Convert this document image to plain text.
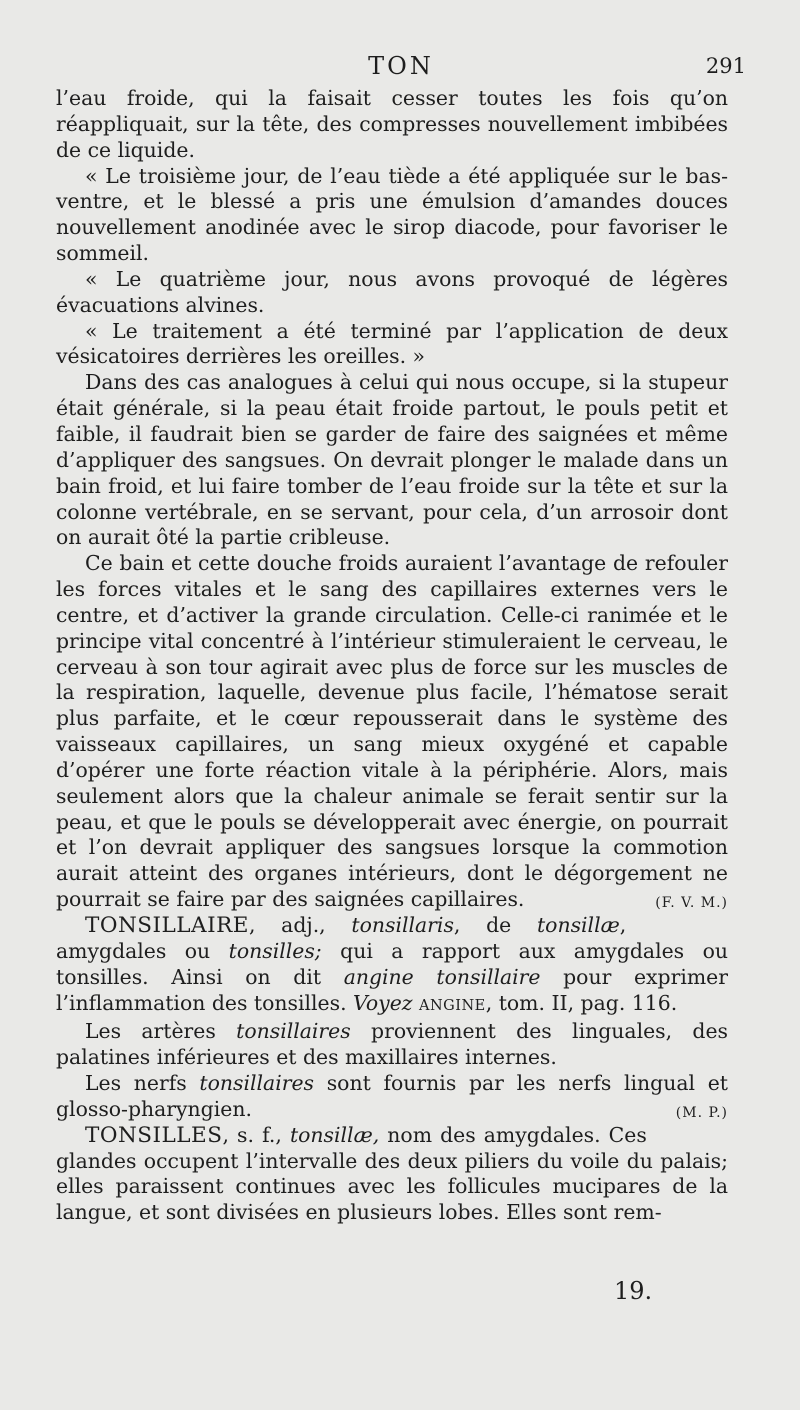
TON	291

l’eau froide, qui la faisait cesser toutes les fois qu’on réappliquait, sur la tête, des compresses nouvellement imbibées de ce liquide.

« Le troisième jour, de l’eau tiède a été appliquée sur le bas-ventre, et le blessé a pris une émulsion d’amandes douces nouvellement anodinée avec le sirop diacode, pour favoriser le sommeil.

« Le quatrième jour, nous avons provoqué de légères évacuations alvines.

« Le traitement a été terminé par l’application de deux vésicatoires derrières les oreilles. »

Dans des cas analogues à celui qui nous occupe, si la stupeur était générale, si la peau était froide partout, le pouls petit et faible, il faudrait bien se garder de faire des saignées et même d’appliquer des sangsues. On devrait plonger le malade dans un bain froid, et lui faire tomber de l’eau froide sur la tête et sur la colonne vertébrale, en se servant, pour cela, d’un arrosoir dont on aurait ôté la partie cribleuse.

Ce bain et cette douche froids auraient l’avantage de refouler les forces vitales et le sang des capillaires externes vers le centre, et d’activer la grande circulation. Celle-ci ranimée et le principe vital concentré à l’intérieur stimuleraient le cerveau, le cerveau à son tour agirait avec plus de force sur les muscles de la respiration, laquelle, devenue plus facile, l’hématose serait plus parfaite, et le cœur repousserait dans le système des vaisseaux capillaires, un sang mieux oxygéné et capable d’opérer une forte réaction vitale à la périphérie. Alors, mais seulement alors que la chaleur animale se ferait sentir sur la peau, et que le pouls se développerait avec énergie, on pourrait et l’on devrait appliquer des sangsues lorsque la commotion aurait atteint des organes intérieurs, dont le dégorgement ne pourrait se faire par des saignées capillaires.	(F. V. M.)

TONSILLAIRE, adj., tonsillaris, de tonsillæ, amygdales ou tonsilles; qui a rapport aux amygdales ou tonsilles. Ainsi on dit angine tonsillaire pour exprimer l’inflammation des tonsilles. Voyez ANGINE, tom. II, pag. 116.

Les artères tonsillaires proviennent des linguales, des palatines inférieures et des maxillaires internes.

Les nerfs tonsillaires sont fournis par les nerfs lingual et glosso-pharyngien.	(M. P.)

TONSILLES, s. f., tonsillæ, nom des amygdales. Ces glandes occupent l’intervalle des deux piliers du voile du palais; elles paraissent continues avec les follicules mucipares de la langue, et sont divisées en plusieurs lobes. Elles sont rem-

19.
